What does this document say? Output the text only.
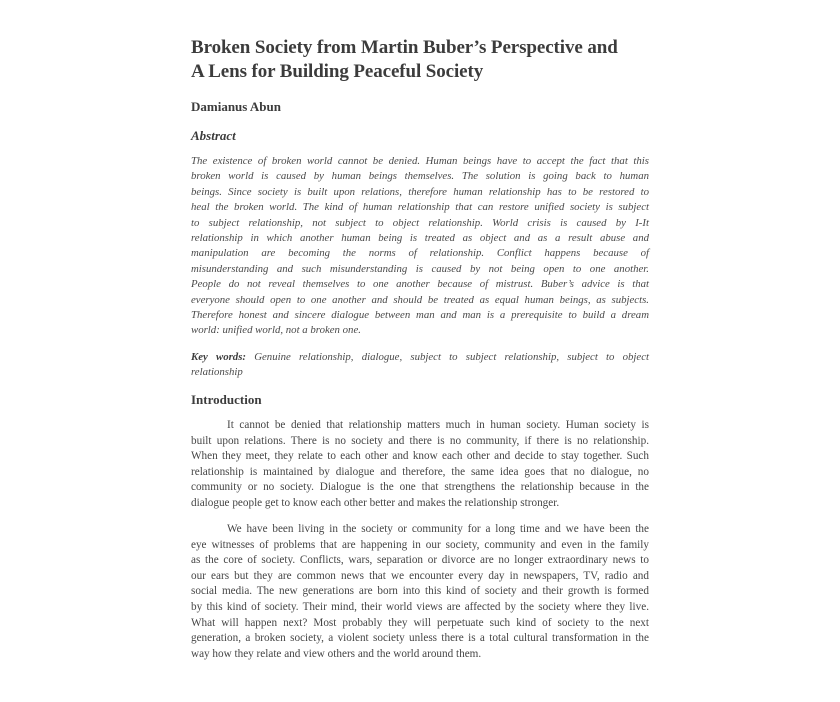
Broken Society from Martin Buber’s Perspective and
A Lens for Building Peaceful Society
Damianus Abun
Abstract
The existence of broken world cannot be denied. Human beings have to accept the fact that this
broken world is caused by human beings themselves. The solution is going back to human
beings. Since society is built upon relations, therefore human relationship has to be restored to
heal the broken world. The kind of human relationship that can restore unified society is subject
to subject relationship, not subject to object relationship. World crisis is caused by I-It
relationship in which another human being is treated as object and as a result abuse and
manipulation are becoming the norms of relationship. Conflict happens because of
misunderstanding and such misunderstanding is caused by not being open to one another.
People do not reveal themselves to one another because of mistrust. Buber’s advice is that
everyone should open to one another and should be treated as equal human beings, as subjects.
Therefore honest and sincere dialogue between man and man is a prerequisite to build a dream
world: unified world, not a broken one.
Key words: Genuine relationship, dialogue, subject to subject relationship, subject to object
relationship
Introduction
It cannot be denied that relationship matters much in human society. Human society is
built upon relations. There is no society and there is no community, if there is no relationship.
When they meet, they relate to each other and know each other and decide to stay together. Such
relationship is maintained by dialogue and therefore, the same idea goes that no dialogue, no
community or no society. Dialogue is the one that strengthens the relationship because in the
dialogue people get to know each other better and makes the relationship stronger.
We have been living in the society or community for a long time and we have been the
eye witnesses of problems that are happening in our society, community and even in the family
as the core of society. Conflicts, wars, separation or divorce are no longer extraordinary news to
our ears but they are common news that we encounter every day in newspapers, TV, radio and
social media. The new generations are born into this kind of society and their growth is formed
by this kind of society. Their mind, their world views are affected by the society where they live.
What will happen next? Most probably they will perpetuate such kind of society to the next
generation, a broken society, a violent society unless there is a total cultural transformation in the
way how they relate and view others and the world around them.
